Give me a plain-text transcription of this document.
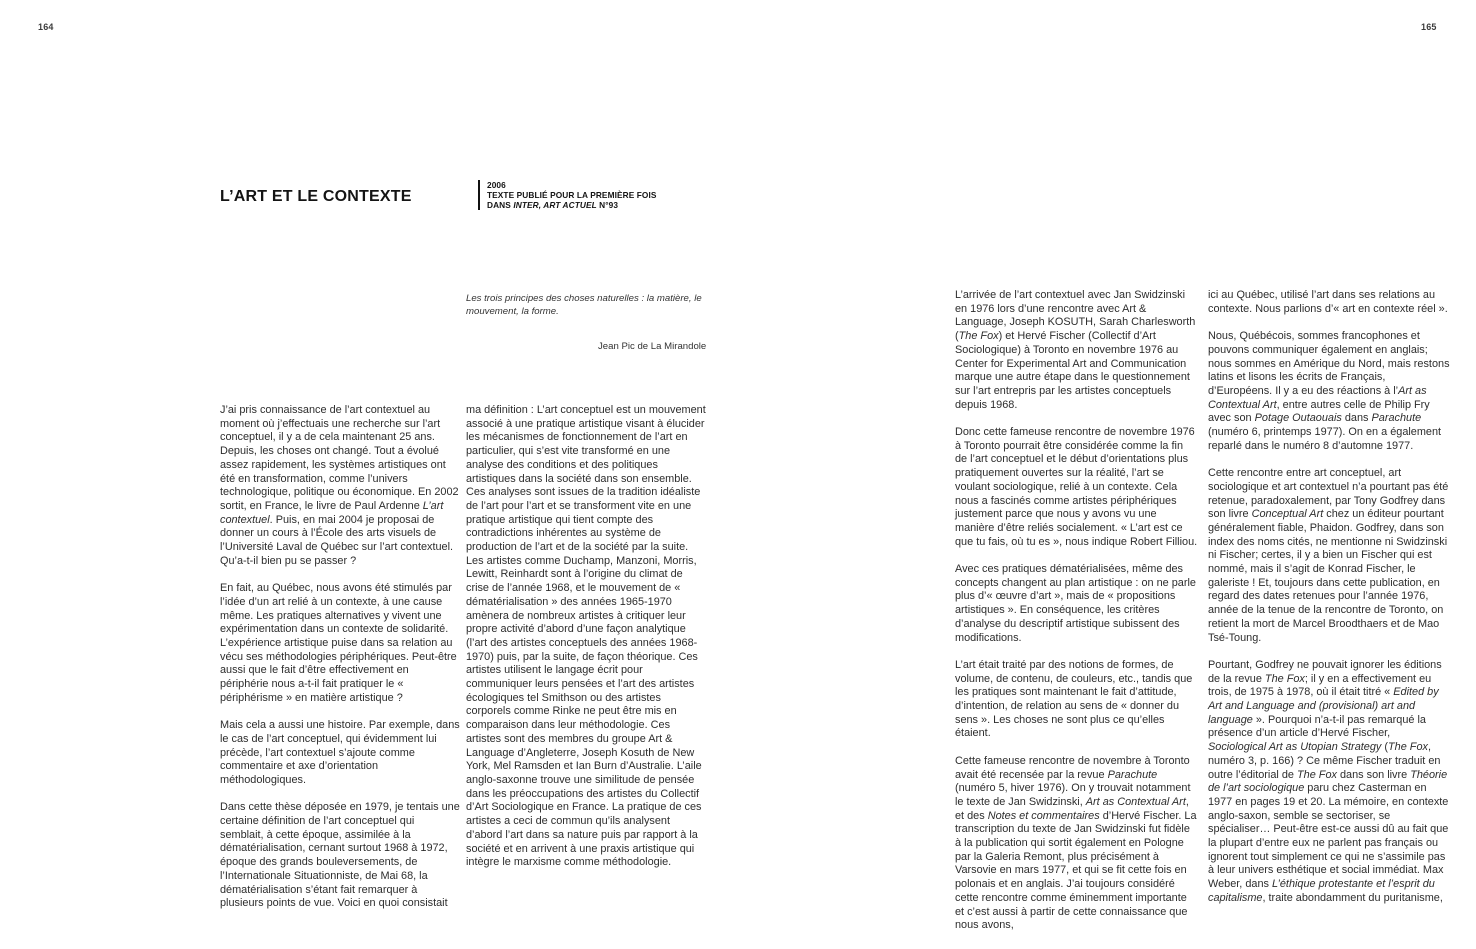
164	165
L’ART ET LE CONTEXTE
2006
TEXTE PUBLIÉ POUR LA PREMIÈRE FOIS
DANS INTER, ART ACTUEL N°93
Les trois principes des choses naturelles : la matière, le mouvement, la forme.
Jean Pic de La Mirandole

J’ai pris connaissance de l’art contextuel au moment où j’effectuais une recherche sur l’art conceptuel, il y a de cela maintenant 25 ans. Depuis, les choses ont changé. Tout a évolué assez rapidement, les systèmes artistiques ont été en transformation, comme l’univers technologique, politique ou économique. En 2002 sortit, en France, le livre de Paul Ardenne L’art contextuel. Puis, en mai 2004 je proposai de donner un cours à l’École des arts visuels de l’Université Laval de Québec sur l’art contextuel. Qu’a-t-il bien pu se passer ?

En fait, au Québec, nous avons été stimulés par l’idée d’un art relié à un contexte, à une cause même. Les pratiques alternatives y vivent une expérimentation dans un contexte de solidarité. L’expérience artistique puise dans sa relation au vécu ses méthodologies périphériques. Peut-être aussi que le fait d’être effectivement en périphérie nous a-t-il fait pratiquer le « périphérisme » en matière artistique ?

Mais cela a aussi une histoire. Par exemple, dans le cas de l’art conceptuel, qui évidemment lui précède, l’art contextuel s’ajoute comme commentaire et axe d’orientation méthodologiques.

Dans cette thèse déposée en 1979, je tentais une certaine définition de l’art conceptuel qui semblait, à cette époque, assimilée à la dématérialisation, cernant surtout 1968 à 1972, époque des grands bouleversements, de l’Internationale Situationniste, de Mai 68, la dématérialisation s’étant fait remarquer à plusieurs points de vue. Voici en quoi consistait

ma définition : L’art conceptuel est un mouvement associé à une pratique artistique visant à élucider les mécanismes de fonctionnement de l’art en particulier, qui s’est vite transformé en une analyse des conditions et des politiques artistiques dans la société dans son ensemble. Ces analyses sont issues de la tradition idéaliste de l’art pour l’art et se transforment vite en une pratique artistique qui tient compte des contradictions inhérentes au système de production de l’art et de la société par la suite. Les artistes comme Duchamp, Manzoni, Morris, Lewitt, Reinhardt sont à l’origine du climat de crise de l’année 1968, et le mouvement de « dématérialisation » des années 1965-1970 amènera de nombreux artistes à critiquer leur propre activité d’abord d’une façon analytique (l’art des artistes conceptuels des années 1968-1970) puis, par la suite, de façon théorique. Ces artistes utilisent le langage écrit pour communiquer leurs pensées et l’art des artistes écologiques tel Smithson ou des artistes corporels comme Rinke ne peut être mis en comparaison dans leur méthodologie. Ces artistes sont des membres du groupe Art & Language d’Angleterre, Joseph Kosuth de New York, Mel Ramsden et Ian Burn d’Australie. L’aile anglo-saxonne trouve une similitude de pensée dans les préoccupations des artistes du Collectif d’Art Sociologique en France. La pratique de ces artistes a ceci de commun qu’ils analysent d’abord l’art dans sa nature puis par rapport à la société et en arrivent à une praxis artistique qui intègre le marxisme comme méthodologie.

L’arrivée de l’art contextuel avec Jan Swidzinski en 1976 lors d’une rencontre avec Art & Language, Joseph KOSUTH, Sarah Charlesworth (The Fox) et Hervé Fischer (Collectif d’Art Sociologique) à Toronto en novembre 1976 au Center for Experimental Art and Communication marque une autre étape dans le questionnement sur l’art entrepris par les artistes conceptuels depuis 1968.

Donc cette fameuse rencontre de novembre 1976 à Toronto pourrait être considérée comme la fin de l’art conceptuel et le début d’orientations plus pratiquement ouvertes sur la réalité, l’art se voulant sociologique, relié à un contexte. Cela nous a fascinés comme artistes périphériques justement parce que nous y avons vu une manière d’être reliés socialement. « L’art est ce que tu fais, où tu es », nous indique Robert Filliou.

Avec ces pratiques dématérialisées, même des concepts changent au plan artistique : on ne parle plus d’« œuvre d’art », mais de « propositions artistiques ». En conséquence, les critères d’analyse du descriptif artistique subissent des modifications.

L’art était traité par des notions de formes, de volume, de contenu, de couleurs, etc., tandis que les pratiques sont maintenant le fait d’attitude, d’intention, de relation au sens de « donner du sens ». Les choses ne sont plus ce qu’elles étaient.

Cette fameuse rencontre de novembre à Toronto avait été recensée par la revue Parachute (numéro 5, hiver 1976). On y trouvait notamment le texte de Jan Swidzinski, Art as Contextual Art, et des Notes et commentaires d’Hervé Fischer. La transcription du texte de Jan Swidzinski fut fidèle à la publication qui sortit également en Pologne par la Galeria Remont, plus précisément à Varsovie en mars 1977, et qui se fit cette fois en polonais et en anglais. J’ai toujours considéré cette rencontre comme éminemment importante et c’est aussi à partir de cette connaissance que nous avons,

ici au Québec, utilisé l’art dans ses relations au contexte. Nous parlions d’« art en contexte réel ».

Nous, Québécois, sommes francophones et pouvons communiquer également en anglais; nous sommes en Amérique du Nord, mais restons latins et lisons les écrits de Français, d’Européens. Il y a eu des réactions à l’Art as Contextual Art, entre autres celle de Philip Fry avec son Potage Outaouais dans Parachute (numéro 6, printemps 1977). On en a également reparlé dans le numéro 8 d’automne 1977.

Cette rencontre entre art conceptuel, art sociologique et art contextuel n’a pourtant pas été retenue, paradoxalement, par Tony Godfrey dans son livre Conceptual Art chez un éditeur pourtant généralement fiable, Phaidon. Godfrey, dans son index des noms cités, ne mentionne ni Swidzinski ni Fischer; certes, il y a bien un Fischer qui est nommé, mais il s’agit de Konrad Fischer, le galeriste ! Et, toujours dans cette publication, en regard des dates retenues pour l’année 1976, année de la tenue de la rencontre de Toronto, on retient la mort de Marcel Broodthaers et de Mao Tsé-Toung.

Pourtant, Godfrey ne pouvait ignorer les éditions de la revue The Fox; il y en a effectivement eu trois, de 1975 à 1978, où il était titré « Edited by Art and Language and (provisional) art and language ». Pourquoi n’a-t-il pas remarqué la présence d’un article d’Hervé Fischer, Sociological Art as Utopian Strategy (The Fox, numéro 3, p. 166) ? Ce même Fischer traduit en outre l’éditorial de The Fox dans son livre Théorie de l’art sociologique paru chez Casterman en 1977 en pages 19 et 20. La mémoire, en contexte anglo-saxon, semble se sectoriser, se spécialiser… Peut-être est-ce aussi dû au fait que la plupart d’entre eux ne parlent pas français ou ignorent tout simplement ce qui ne s’assimile pas à leur univers esthétique et social immédiat. Max Weber, dans L’éthique protestante et l’esprit du capitalisme, traite abondamment du puritanisme,
